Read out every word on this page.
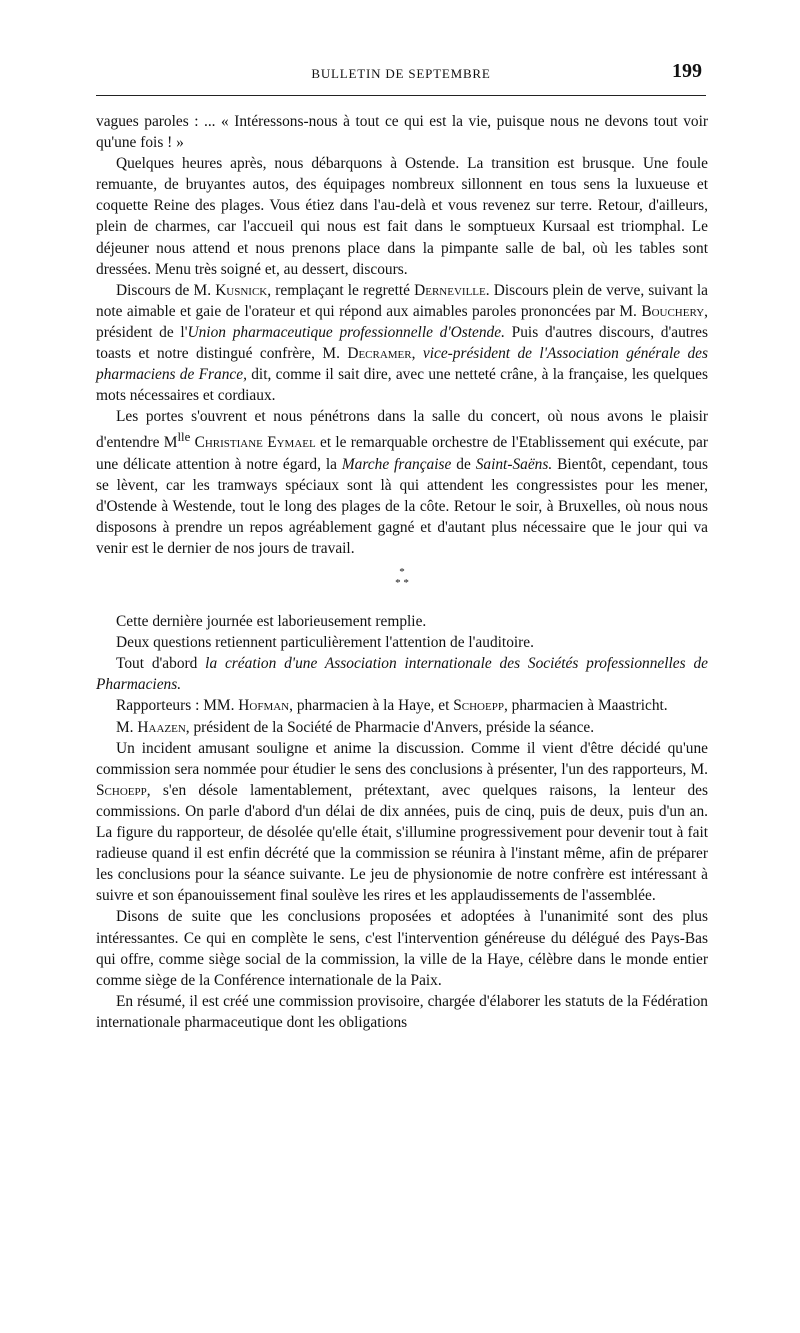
BULLETIN DE SEPTEMBRE	199

vagues paroles : ... « Intéressons-nous à tout ce qui est la vie, puisque nous ne devons tout voir qu'une fois ! »

Quelques heures après, nous débarquons à Ostende. La transition est brusque. Une foule remuante, de bruyantes autos, des équipages nombreux sillonnent en tous sens la luxueuse et coquette Reine des plages. Vous étiez dans l'au-delà et vous revenez sur terre. Retour, d'ailleurs, plein de charmes, car l'accueil qui nous est fait dans le somptueux Kursaal est triomphal. Le déjeuner nous attend et nous prenons place dans la pimpante salle de bal, où les tables sont dressées. Menu très soigné et, au dessert, discours.

Discours de M. Kusnick, remplaçant le regretté Derneville. Discours plein de verve, suivant la note aimable et gaie de l'orateur et qui répond aux aimables paroles prononcées par M. Bouchery, président de l'Union pharmaceutique professionnelle d'Ostende. Puis d'autres discours, d'autres toasts et notre distingué confrère, M. Decramer, vice-président de l'Association générale des pharmaciens de France, dit, comme il sait dire, avec une netteté crâne, à la française, les quelques mots nécessaires et cordiaux.

Les portes s'ouvrent et nous pénétrons dans la salle du concert, où nous avons le plaisir d'entendre $M^{lle}$ Christiane Eymael et le remarquable orchestre de l'Etablissement qui exécute, par une délicate attention à notre égard, la Marche française de Saint-Saëns. Bientôt, cependant, tous se lèvent, car les tramways spéciaux sont là qui attendent les congressistes pour les mener, d'Ostende à Westende, tout le long des plages de la côte. Retour le soir, à Bruxelles, où nous nous disposons à prendre un repos agréablement gagné et d'autant plus nécessaire que le jour qui va venir est le dernier de nos jours de travail.

*
* *

Cette dernière journée est laborieusement remplie.

Deux questions retiennent particulièrement l'attention de l'auditoire.

Tout d'abord la création d'une Association internationale des Sociétés professionnelles de Pharmaciens.

Rapporteurs : MM. Hofman, pharmacien à la Haye, et Schoepp, pharmacien à Maastricht.

M. Haazen, président de la Société de Pharmacie d'Anvers, préside la séance.

Un incident amusant souligne et anime la discussion. Comme il vient d'être décidé qu'une commission sera nommée pour étudier le sens des conclusions à présenter, l'un des rapporteurs, M. Schoepp, s'en désole lamentablement, prétextant, avec quelques raisons, la lenteur des commissions. On parle d'abord d'un délai de dix années, puis de cinq, puis de deux, puis d'un an. La figure du rapporteur, de désolée qu'elle était, s'illumine progressivement pour devenir tout à fait radieuse quand il est enfin décrété que la commission se réunira à l'instant même, afin de préparer les conclusions pour la séance suivante. Le jeu de physionomie de notre confrère est intéressant à suivre et son épanouissement final soulève les rires et les applaudissements de l'assemblée.

Disons de suite que les conclusions proposées et adoptées à l'unanimité sont des plus intéressantes. Ce qui en complète le sens, c'est l'intervention généreuse du délégué des Pays-Bas qui offre, comme siège social de la commission, la ville de la Haye, célèbre dans le monde entier comme siège de la Conférence internationale de la Paix.

En résumé, il est créé une commission provisoire, chargée d'élaborer les statuts de la Fédération internationale pharmaceutique dont les obligations
